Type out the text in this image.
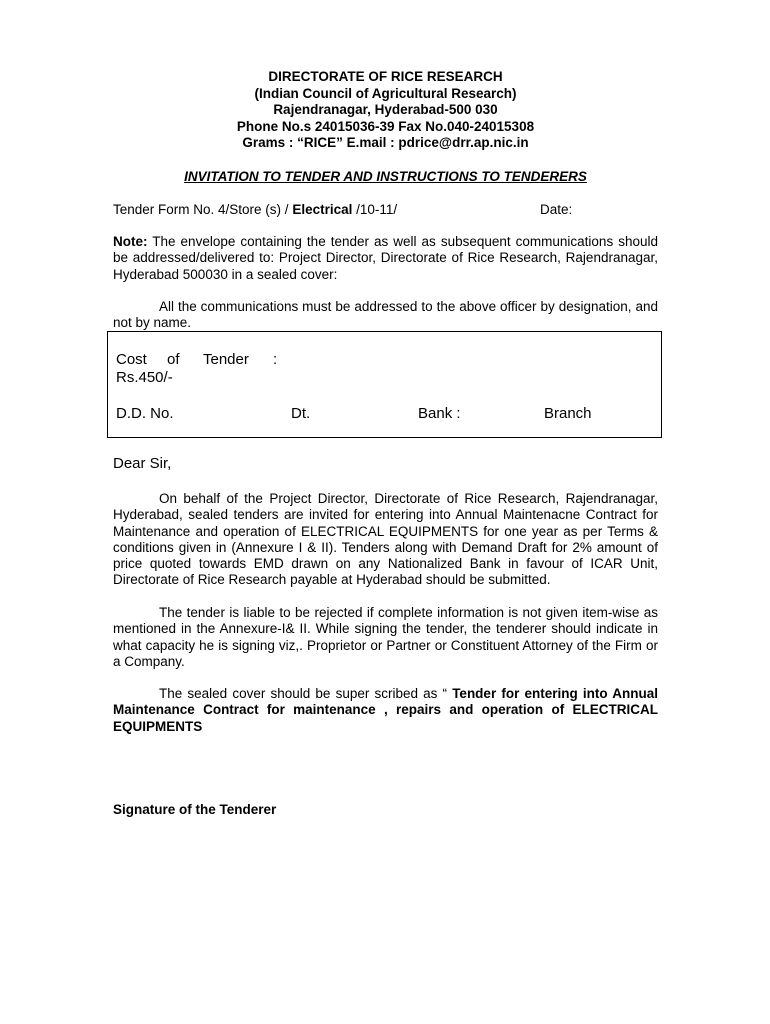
DIRECTORATE OF RICE RESEARCH
(Indian Council of Agricultural Research)
Rajendranagar, Hyderabad-500 030
Phone No.s 24015036-39 Fax No.040-24015308
Grams : “RICE” E.mail : pdrice@drr.ap.nic.in
INVITATION TO TENDER AND INSTRUCTIONS TO TENDERERS
Tender Form No. 4/Store (s) / Electrical /10-11/	Date:
Note: The envelope containing the tender as well as subsequent communications should be addressed/delivered to: Project Director, Directorate of Rice Research, Rajendranagar, Hyderabad 500030 in a sealed cover:
All the communications must be addressed to the above officer by designation, and not by name.
Cost of Tender :
Rs.450/-
D.D. No.	Dt.	Bank :	Branch
Dear Sir,
On behalf of the Project Director, Directorate of Rice Research, Rajendranagar, Hyderabad, sealed tenders are invited for entering into Annual Maintenacne Contract for Maintenance and operation of ELECTRICAL EQUIPMENTS for one year as per Terms & conditions given in (Annexure I & II). Tenders along with Demand Draft for 2% amount of price quoted towards EMD drawn on any Nationalized Bank in favour of ICAR Unit, Directorate of Rice Research payable at Hyderabad should be submitted.
The tender is liable to be rejected if complete information is not given item-wise as mentioned in the Annexure-I& II. While signing the tender, the tenderer should indicate in what capacity he is signing viz,. Proprietor or Partner or Constituent Attorney of the Firm or a Company.
The sealed cover should be super scribed as “ Tender for entering into Annual Maintenance Contract for maintenance , repairs and operation of ELECTRICAL EQUIPMENTS
Signature of the Tenderer
